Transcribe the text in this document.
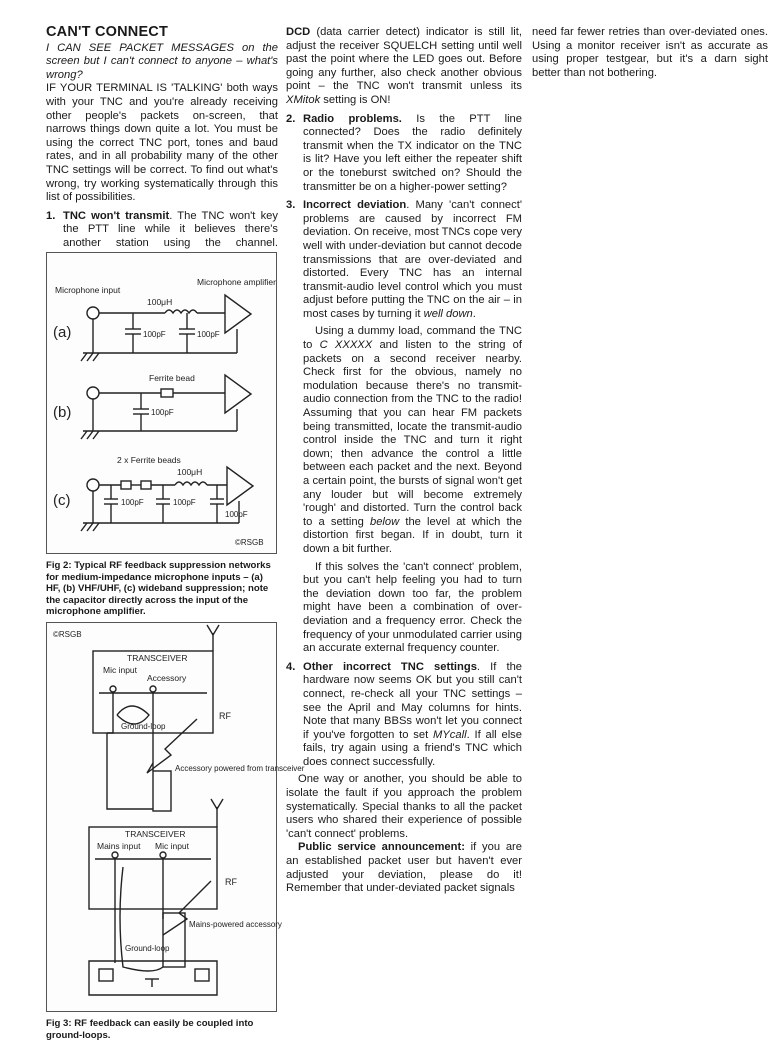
CAN'T CONNECT

I CAN SEE PACKET MESSAGES on the screen but I can't connect to anyone – what's wrong?

IF YOUR TERMINAL IS 'TALKING' both ways with your TNC and you're already receiving other people's packets on-screen, that narrows things down quite a lot. You must be using the correct TNC port, tones and baud rates, and in all probability many of the other TNC settings will be correct. To find out what's wrong, try working systematically through this list of possibilities.

1. TNC won't transmit. The TNC won't key the PTT line while it believes there's another station using the channel.
Microphone input
Microphone amplifier
100μH
100pF	100pF
(a)
Ferrite bead
100pF
(b)
2 x Ferrite beads
100μH
100pF	100pF
100pF
(c)
©RSGB

Fig 2: Typical RF feedback suppression networks for medium-impedance microphone inputs – (a) HF, (b) VHF/UHF, (c) wideband suppression; note the capacitor directly across the input of the microphone amplifier.

©RSGB
TRANSCEIVER
Mic input
Accessory
Ground-loop
RF
Accessory powered from transceiver
TRANSCEIVER
Mains input Mic input
RF
Mains-powered accessory
Ground-loop

Fig 3: RF feedback can easily be coupled into ground-loops.

DCD (data carrier detect) indicator is still lit, adjust the receiver SQUELCH setting until well past the point where the LED goes out. Before going any further, also check another obvious point – the TNC won't transmit unless its XMitok setting is ON!

2. Radio problems. Is the PTT line connected? Does the radio definitely transmit when the TX indicator on the TNC is lit? Have you left either the repeater shift or the toneburst switched on? Should the transmitter be on a higher-power setting?
3. Incorrect deviation. Many 'can't connect' problems are caused by incorrect FM deviation. On receive, most TNCs cope very well with under-deviation but cannot decode transmissions that are over-deviated and distorted. Every TNC has an internal transmit-audio level control which you must adjust before putting the TNC on the air – in most cases by turning it well down.

Using a dummy load, command the TNC to C XXXXX and listen to the string of packets on a second receiver nearby. Check first for the obvious, namely no modulation because there's no transmit-audio connection from the TNC to the radio! Assuming that you can hear FM packets being transmitted, locate the transmit-audio control inside the TNC and turn it right down; then advance the control a little between each packet and the next. Beyond a certain point, the bursts of signal won't get any louder but will become extremely 'rough' and distorted. Turn the control back to a setting below the level at which the distortion first began. If in doubt, turn it down a bit further.

If this solves the 'can't connect' problem, but you can't help feeling you had to turn the deviation down too far, the problem might have been a combination of over-deviation and a frequency error. Check the frequency of your unmodulated carrier using an accurate external frequency counter.

4. Other incorrect TNC settings. If the hardware now seems OK but you still can't connect, re-check all your TNC settings – see the April and May columns for hints. Note that many BBSs won't let you connect if you've forgotten to set MYcall. If all else fails, try again using a friend's TNC which does connect successfully.

One way or another, you should be able to isolate the fault if you approach the problem systematically. Special thanks to all the packet users who shared their experience of possible 'can't connect' problems.

Public service announcement: if you are an established packet user but haven't ever adjusted your deviation, please do it! Remember that under-deviated packet signals

need far fewer retries than over-deviated ones. Using a monitor receiver isn't as accurate as using proper testgear, but it's a darn sight better than not bothering.
